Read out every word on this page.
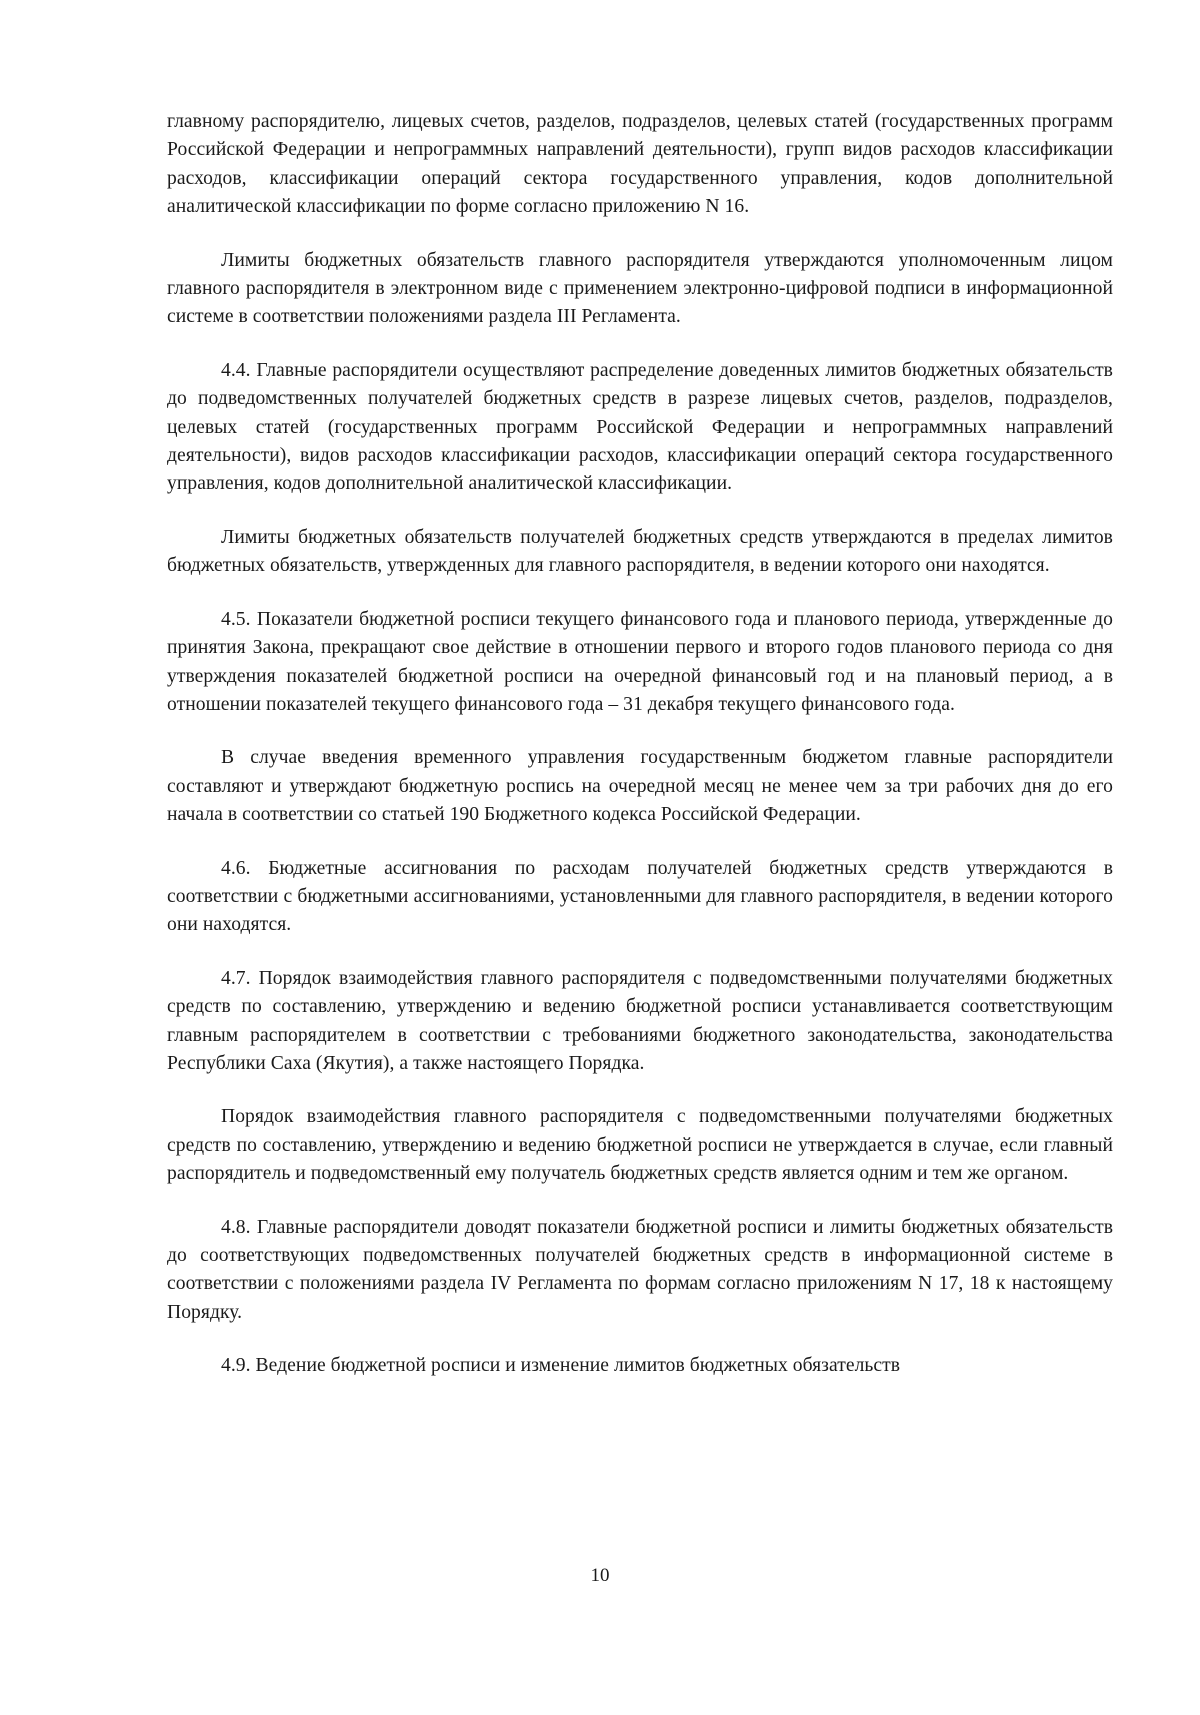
главному распорядителю, лицевых счетов, разделов, подразделов, целевых статей (государственных программ Российской Федерации и непрограммных направлений деятельности), групп видов расходов классификации расходов, классификации операций сектора государственного управления, кодов дополнительной аналитической классификации по форме согласно приложению N 16.

Лимиты бюджетных обязательств главного распорядителя утверждаются уполномоченным лицом главного распорядителя в электронном виде с применением электронно-цифровой подписи в информационной системе в соответствии положениями раздела III Регламента.

4.4. Главные распорядители осуществляют распределение доведенных лимитов бюджетных обязательств до подведомственных получателей бюджетных средств в разрезе лицевых счетов, разделов, подразделов, целевых статей (государственных программ Российской Федерации и непрограммных направлений деятельности), видов расходов классификации расходов, классификации операций сектора государственного управления, кодов дополнительной аналитической классификации.

Лимиты бюджетных обязательств получателей бюджетных средств утверждаются в пределах лимитов бюджетных обязательств, утвержденных для главного распорядителя, в ведении которого они находятся.

4.5. Показатели бюджетной росписи текущего финансового года и планового периода, утвержденные до принятия Закона, прекращают свое действие в отношении первого и второго годов планового периода со дня утверждения показателей бюджетной росписи на очередной финансовый год и на плановый период, а в отношении показателей текущего финансового года – 31 декабря текущего финансового года.

В случае введения временного управления государственным бюджетом главные распорядители составляют и утверждают бюджетную роспись на очередной месяц не менее чем за три рабочих дня до его начала в соответствии со статьей 190 Бюджетного кодекса Российской Федерации.

4.6. Бюджетные ассигнования по расходам получателей бюджетных средств утверждаются в соответствии с бюджетными ассигнованиями, установленными для главного распорядителя, в ведении которого они находятся.

4.7. Порядок взаимодействия главного распорядителя с подведомственными получателями бюджетных средств по составлению, утверждению и ведению бюджетной росписи устанавливается соответствующим главным распорядителем в соответствии с требованиями бюджетного законодательства, законодательства Республики Саха (Якутия), а также настоящего Порядка.

Порядок взаимодействия главного распорядителя с подведомственными получателями бюджетных средств по составлению, утверждению и ведению бюджетной росписи не утверждается в случае, если главный распорядитель и подведомственный ему получатель бюджетных средств является одним и тем же органом.

4.8. Главные распорядители доводят показатели бюджетной росписи и лимиты бюджетных обязательств до соответствующих подведомственных получателей бюджетных средств в информационной системе в соответствии с положениями раздела IV Регламента по формам согласно приложениям N 17, 18 к настоящему Порядку.

4.9. Ведение бюджетной росписи и изменение лимитов бюджетных обязательств

10
